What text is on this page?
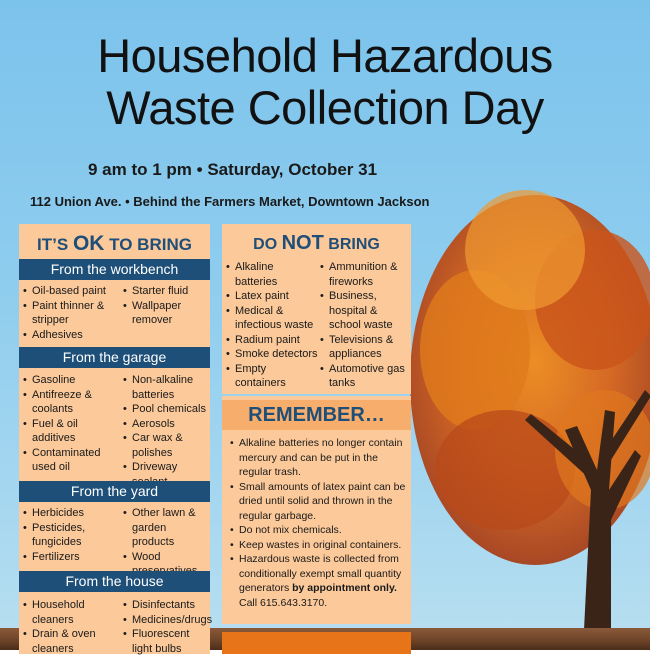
Household Hazardous
Waste Collection Day
9 am to 1 pm • Saturday, October 31
112 Union Ave. • Behind the Farmers Market, Downtown Jackson
IT’S OK TO BRING
From the workbench
• Oil-based paint
• Paint thinner & stripper
• Adhesives
• Starter fluid
• Wallpaper remover
From the garage
• Gasoline
• Antifreeze & coolants
• Fuel & oil additives
• Contaminated used oil
• Non-alkaline batteries
• Pool chemicals
• Aerosols
• Car wax & polishes
• Driveway
From the yard
• Herbicides
• Pesticides, fungicides
• Fertilizers
• Other lawn & garden products
• Wood
From the house
• Household cleaners
• Drain & oven cleaners
• Disinfectants
• Medicines/drugs
• Fluorescent light bulbs
DO NOT BRING
• Alkaline batteries
• Latex paint
• Medical & infectious waste
• Radium paint
• Smoke detectors
• Empty containers
• Ammunition & fireworks
• Business, hospital & school waste
• Televisions & appliances
• Automotive gas tanks
REMEMBER…
• Alkaline batteries no longer contain mercury and can be put in the regular trash.
• Small amounts of latex paint can be dried until solid and thrown in the regular garbage.
• Do not mix chemicals.
• Keep wastes in original containers.
• Hazardous waste is collected from conditionally exempt small quantity generators by appointment only. Call 615.643.3170.
